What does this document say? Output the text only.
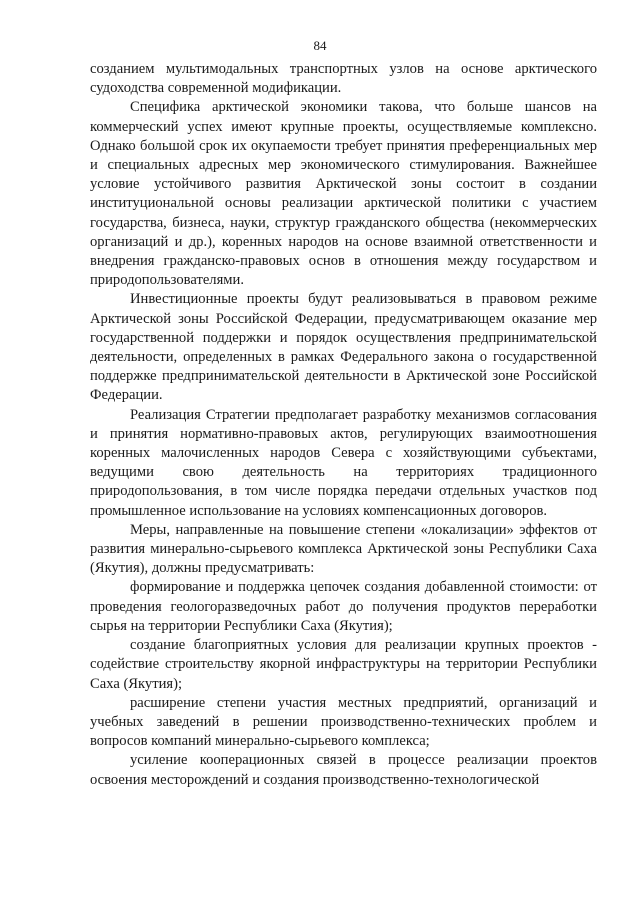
84

созданием мультимодальных транспортных узлов на основе арктического судоходства современной модификации.

Специфика арктической экономики такова, что больше шансов на коммерческий успех имеют крупные проекты, осуществляемые комплексно. Однако большой срок их окупаемости требует принятия преференциальных мер и специальных адресных мер экономического стимулирования. Важнейшее условие устойчивого развития Арктической зоны состоит в создании институциональной основы реализации арктической политики с участием государства, бизнеса, науки, структур гражданского общества (некоммерческих организаций и др.), коренных народов на основе взаимной ответственности и внедрения гражданско-правовых основ в отношения между государством и природопользователями.

Инвестиционные проекты будут реализовываться в правовом режиме Арктической зоны Российской Федерации, предусматривающем оказание мер государственной поддержки и порядок осуществления предпринимательской деятельности, определенных в рамках Федерального закона о государственной поддержке предпринимательской деятельности в Арктической зоне Российской Федерации.

Реализация Стратегии предполагает разработку механизмов согласования и принятия нормативно-правовых актов, регулирующих взаимоотношения коренных малочисленных народов Севера с хозяйствующими субъектами, ведущими свою деятельность на территориях традиционного природопользования, в том числе порядка передачи отдельных участков под промышленное использование на условиях компенсационных договоров.

Меры, направленные на повышение степени «локализации» эффектов от развития минерально-сырьевого комплекса Арктической зоны Республики Саха (Якутия), должны предусматривать:

формирование и поддержка цепочек создания добавленной стоимости: от проведения геологоразведочных работ до получения продуктов переработки сырья на территории Республики Саха (Якутия);

создание благоприятных условия для реализации крупных проектов - содействие строительству якорной инфраструктуры на территории Республики Саха (Якутия);

расширение степени участия местных предприятий, организаций и учебных заведений в решении производственно-технических проблем и вопросов компаний минерально-сырьевого комплекса;

усиление кооперационных связей в процессе реализации проектов освоения месторождений и создания производственно-технологической
